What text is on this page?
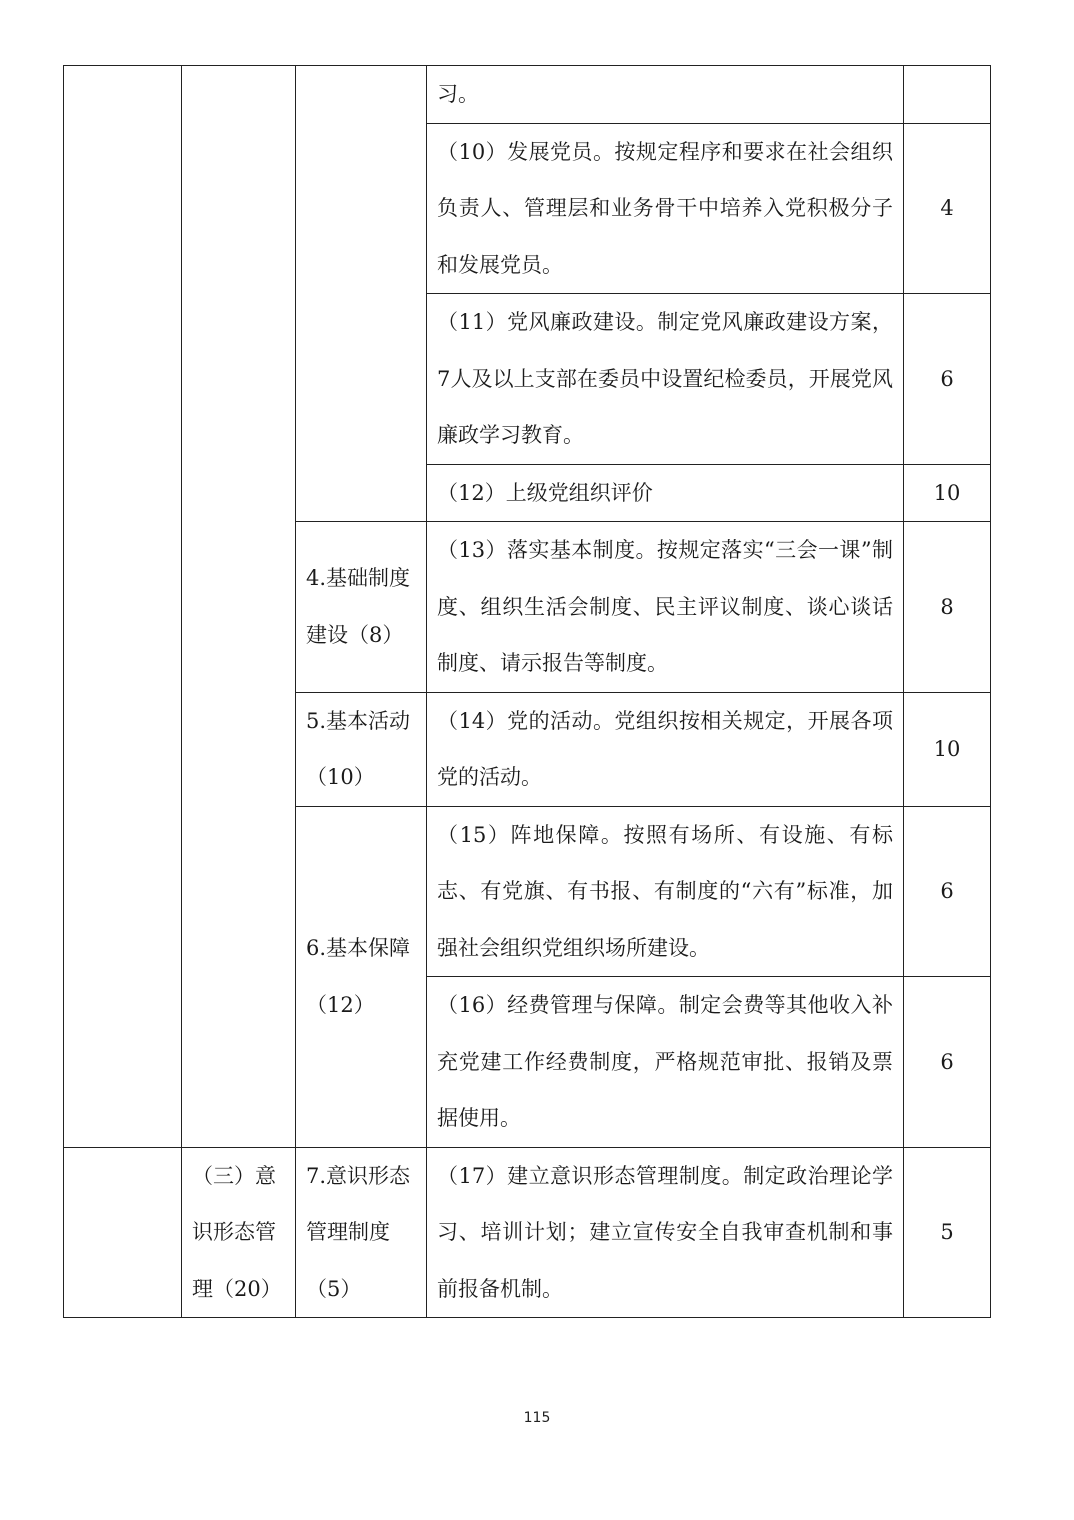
			习。	
			（10）发展党员。按规定程序和要求在社会组织负责人、管理层和业务骨干中培养入党积极分子和发展党员。	4
			（11）党风廉政建设。制定党风廉政建设方案，7人及以上支部在委员中设置纪检委员，开展党风廉政学习教育。	6
			（12）上级党组织评价	10
		4.基础制度建设（8）	（13）落实基本制度。按规定落实“三会一课”制度、组织生活会制度、民主评议制度、谈心谈话制度、请示报告等制度。	8
		5.基本活动（10）	（14）党的活动。党组织按相关规定，开展各项党的活动。	10
		6.基本保障（12）	（15）阵地保障。按照有场所、有设施、有标志、有党旗、有书报、有制度的“六有”标准，加强社会组织党组织场所建设。	6
			（16）经费管理与保障。制定会费等其他收入补充党建工作经费制度，严格规范审批、报销及票据使用。	6
	（三）意识形态管理（20）	7.意识形态管理制度（5）	（17）建立意识形态管理制度。制定政治理论学习、培训计划；建立宣传安全自我审查机制和事前报备机制。	5
115
